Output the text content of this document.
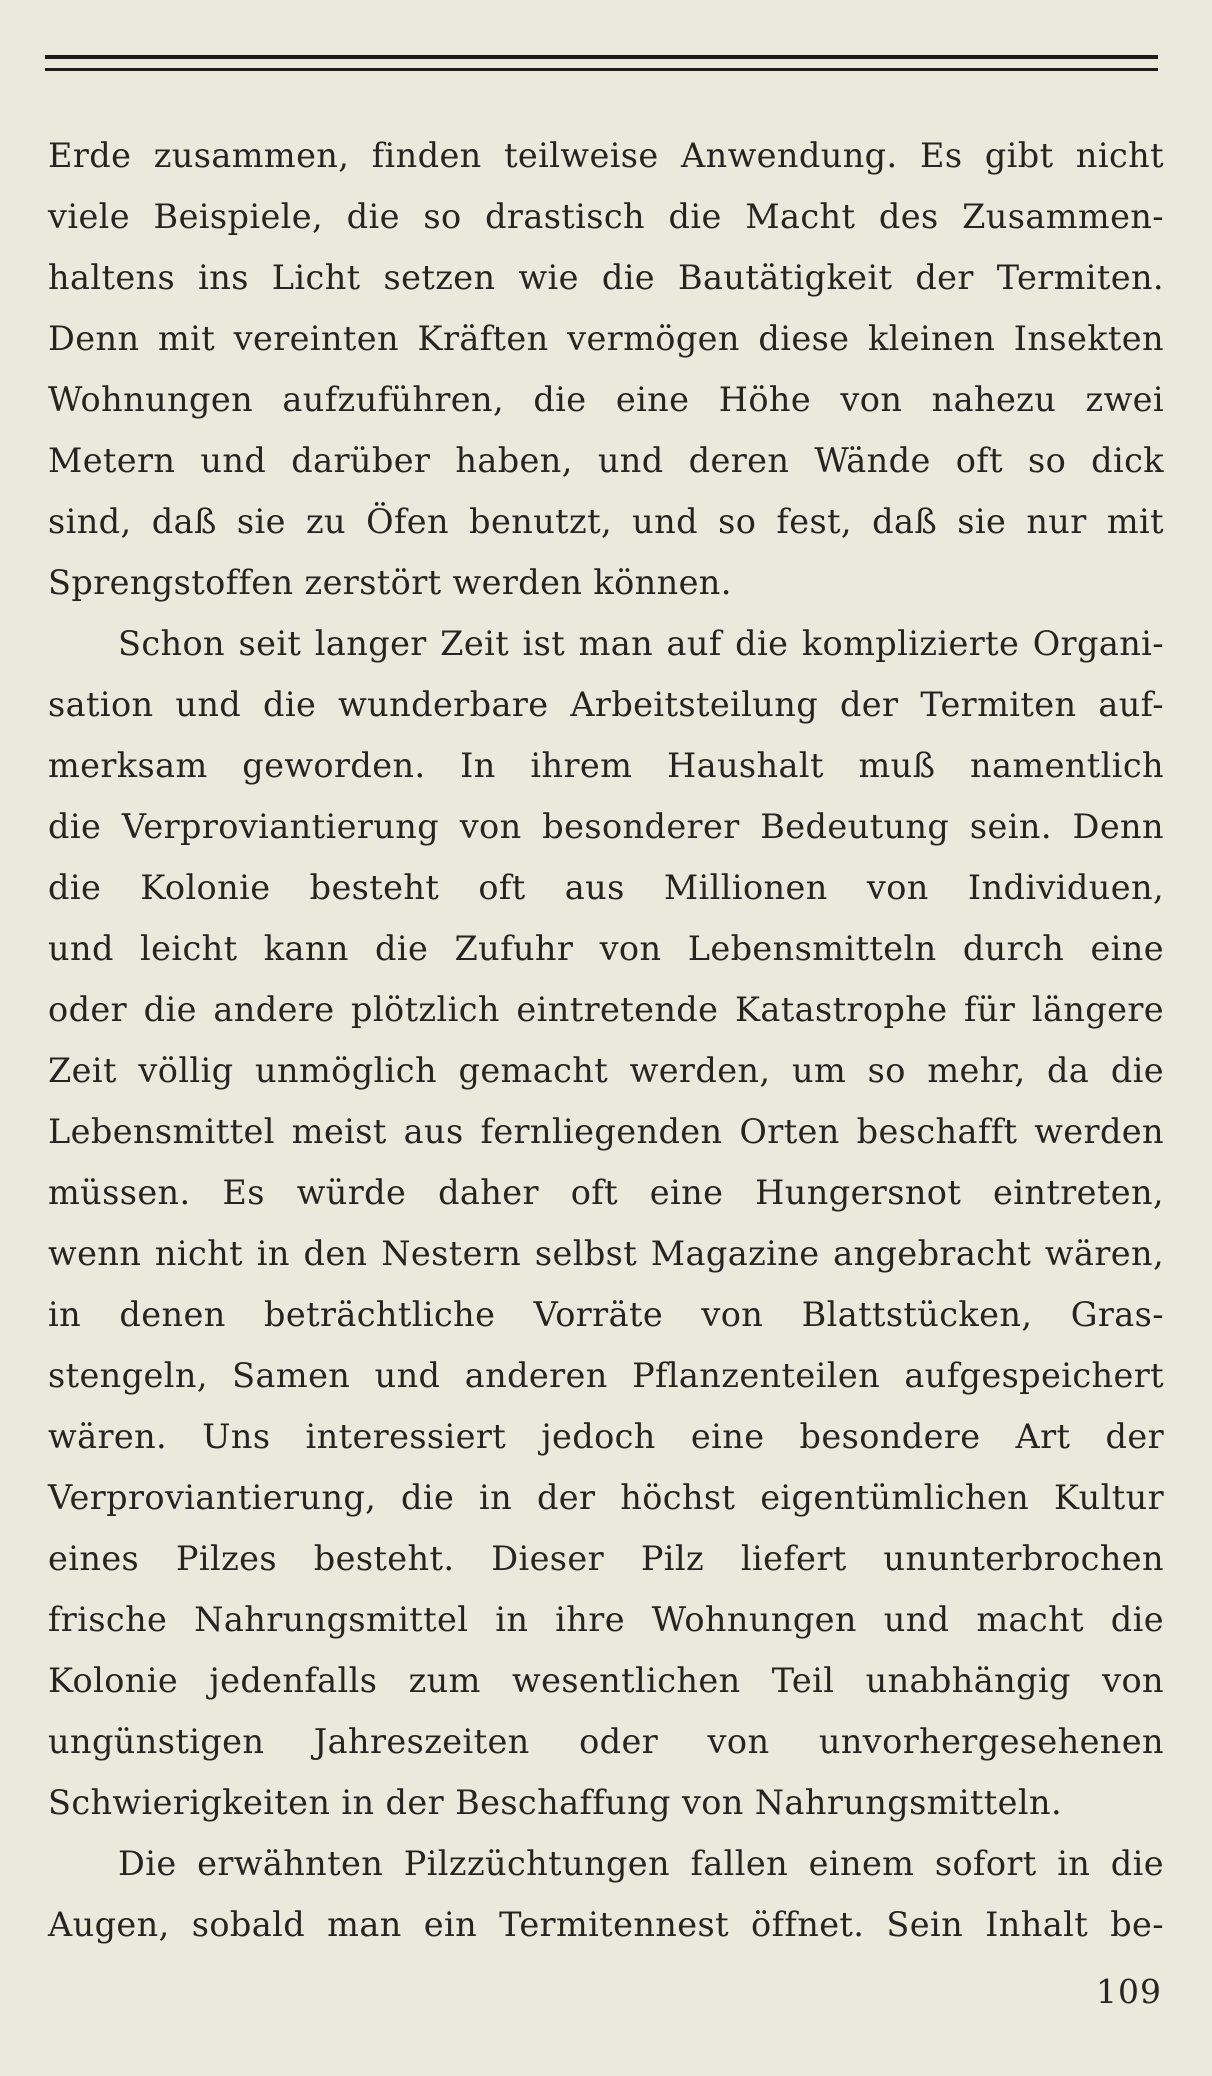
Erde zusammen, finden teilweise Anwendung. Es gibt nicht
viele Beispiele, die so drastisch die Macht des Zusammen-
haltens ins Licht setzen wie die Bautätigkeit der Termiten.
Denn mit vereinten Kräften vermögen diese kleinen Insekten
Wohnungen aufzuführen, die eine Höhe von nahezu zwei
Metern und darüber haben, und deren Wände oft so dick
sind, daß sie zu Öfen benutzt, und so fest, daß sie nur mit
Sprengstoffen zerstört werden können.
Schon seit langer Zeit ist man auf die komplizierte Organi-
sation und die wunderbare Arbeitsteilung der Termiten auf-
merksam geworden. In ihrem Haushalt muß namentlich
die Verproviantierung von besonderer Bedeutung sein. Denn
die Kolonie besteht oft aus Millionen von Individuen,
und leicht kann die Zufuhr von Lebensmitteln durch eine
oder die andere plötzlich eintretende Katastrophe für längere
Zeit völlig unmöglich gemacht werden, um so mehr, da die
Lebensmittel meist aus fernliegenden Orten beschafft werden
müssen. Es würde daher oft eine Hungersnot eintreten,
wenn nicht in den Nestern selbst Magazine angebracht wären,
in denen beträchtliche Vorräte von Blattstücken, Gras-
stengeln, Samen und anderen Pflanzenteilen aufgespeichert
wären. Uns interessiert jedoch eine besondere Art der
Verproviantierung, die in der höchst eigentümlichen Kultur
eines Pilzes besteht. Dieser Pilz liefert ununterbrochen
frische Nahrungsmittel in ihre Wohnungen und macht die
Kolonie jedenfalls zum wesentlichen Teil unabhängig von
ungünstigen Jahreszeiten oder von unvorhergesehenen
Schwierigkeiten in der Beschaffung von Nahrungsmitteln.
Die erwähnten Pilzzüchtungen fallen einem sofort in die
Augen, sobald man ein Termitennest öffnet. Sein Inhalt be-
109
